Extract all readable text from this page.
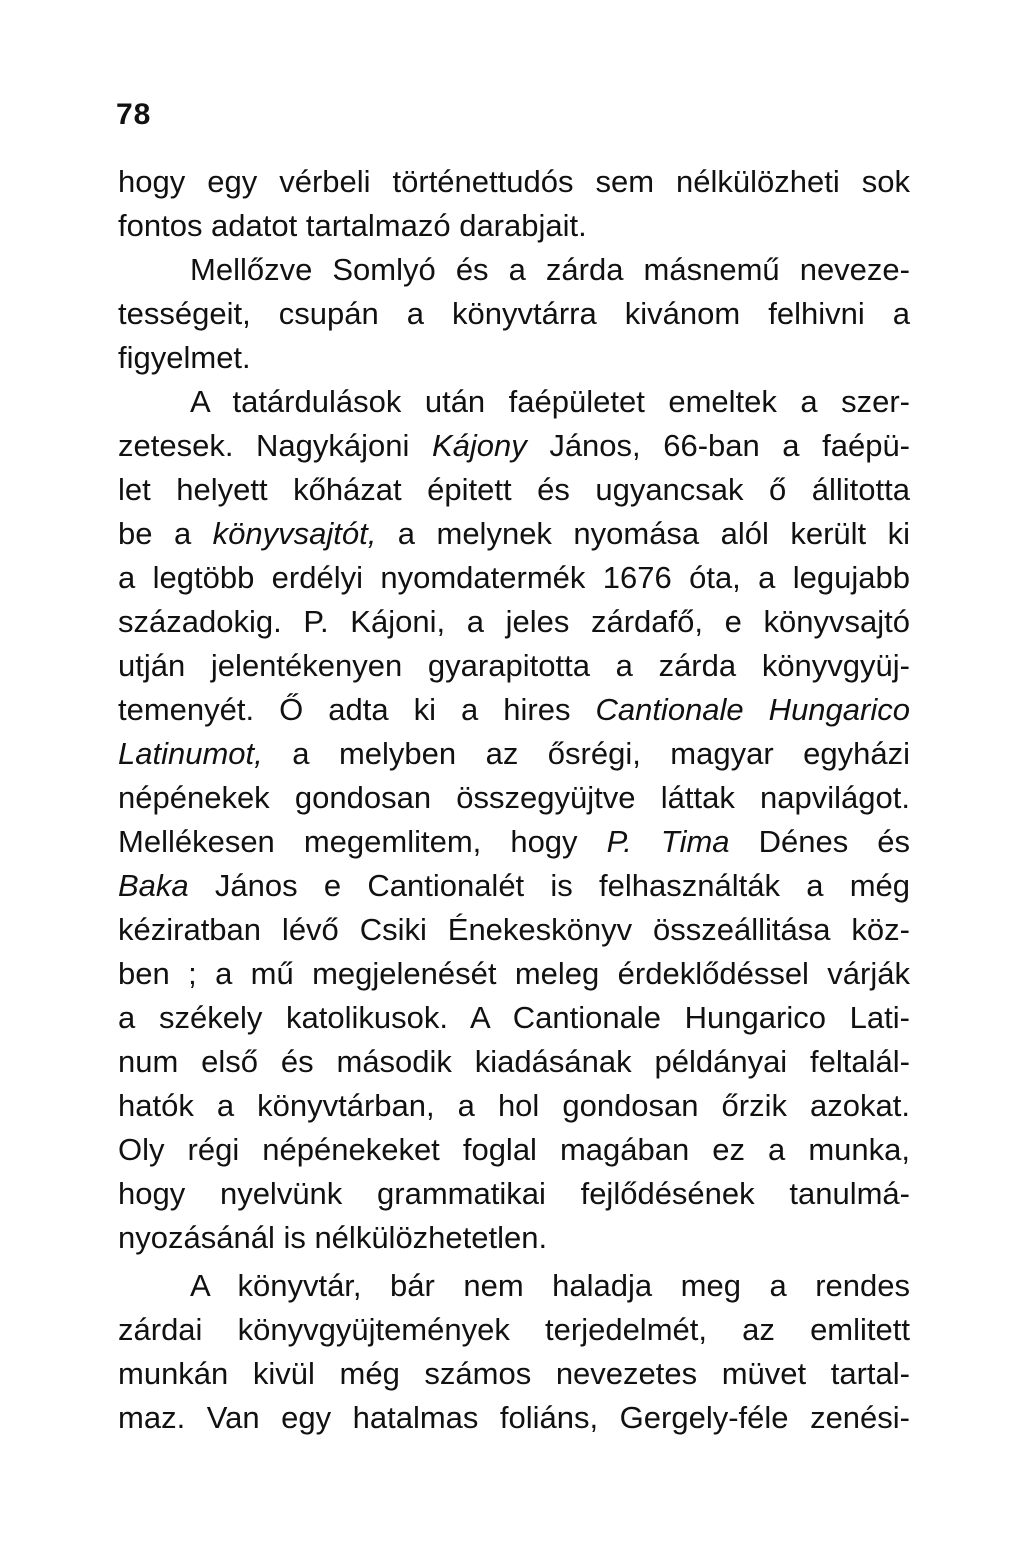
78
hogy egy vérbeli történettudós sem nélkülözheti sok
fontos adatot tartalmazó darabjait.
Mellőzve Somlyó és a zárda másnemű neveze-
tességeit, csupán a könyvtárra kivánom felhivni a
figyelmet.
A tatárdulások után faépületet emeltek a szer-
zetesek. Nagykájoni Kájony János, 66-ban a faépü-
let helyett kőházat épitett és ugyancsak ő állitotta
be a könyvsajtót, a melynek nyomása alól került ki
a legtöbb erdélyi nyomdatermék 1676 óta, a legujabb
századokig. P. Kájoni, a jeles zárdafő, e könyvsajtó
utján jelentékenyen gyarapitotta a zárda könyvgyüj-
temenyét. Ő adta ki a hires Cantionale Hungarico
Latinumot, a melyben az ősrégi, magyar egyházi
népénekek gondosan összegyüjtve láttak napvilágot.
Mellékesen megemlitem, hogy P. Tima Dénes és
Baka János e Cantionalét is felhasználták a még
kéziratban lévő Csiki Énekeskönyv összeállitása köz-
ben ; a mű megjelenését meleg érdeklődéssel várják
a székely katolikusok. A Cantionale Hungarico Lati-
num első és második kiadásának példányai feltalál-
hatók a könyvtárban, a hol gondosan őrzik azokat.
Oly régi népénekeket foglal magában ez a munka,
hogy nyelvünk grammatikai fejlődésének tanulmá-
nyozásánál is nélkülözhetetlen.
A könyvtár, bár nem haladja meg a rendes
zárdai könyvgyüjtemények terjedelmét, az emlitett
munkán kivül még számos nevezetes müvet tartal-
maz. Van egy hatalmas foliáns, Gergely-féle zenési-
